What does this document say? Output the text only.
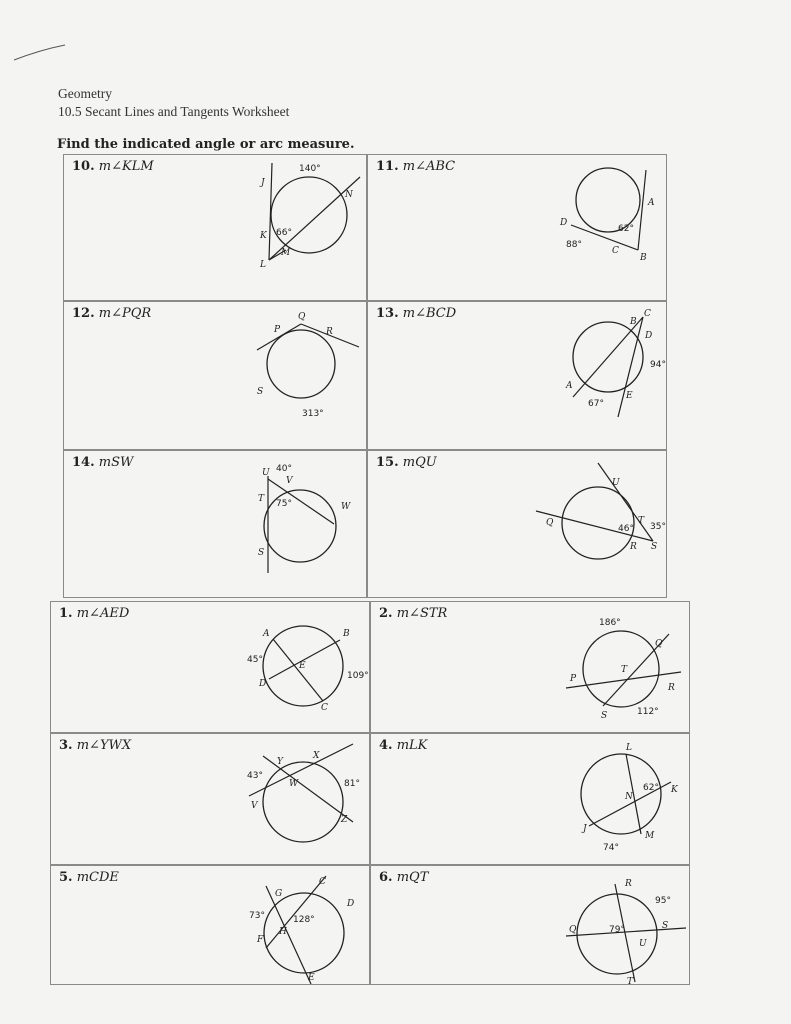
Geometry
10.5 Secant Lines and Tangents Worksheet
Find the indicated angle or arc measure.
10. m∠KLM	140°
66°
J
K
L
M
N
11. m∠ABC
88°
62°
A
B
C
D
12. m∠PQR	Q
P	R
S
313°
13. m∠BCD
A
B
C
D
E
94°
67°
14. mSW
U 40°
V
T 75°	W
S
15. mQU
U
Q	T
R S
46° 35°
1. m∠AED
A	B
C
D
E
45°
109°
2. m∠STR
186°
112°
P
Q
R
S
T
3. m∠YWX
Y
X
W
V
Z
43°
81°
4. mLK	L
K
N
J
M
62°
74°
5. mCDE	C
D
E
F
G
H
73°	128°
6. mQT	R
S
Q
U
T
95°
79°
